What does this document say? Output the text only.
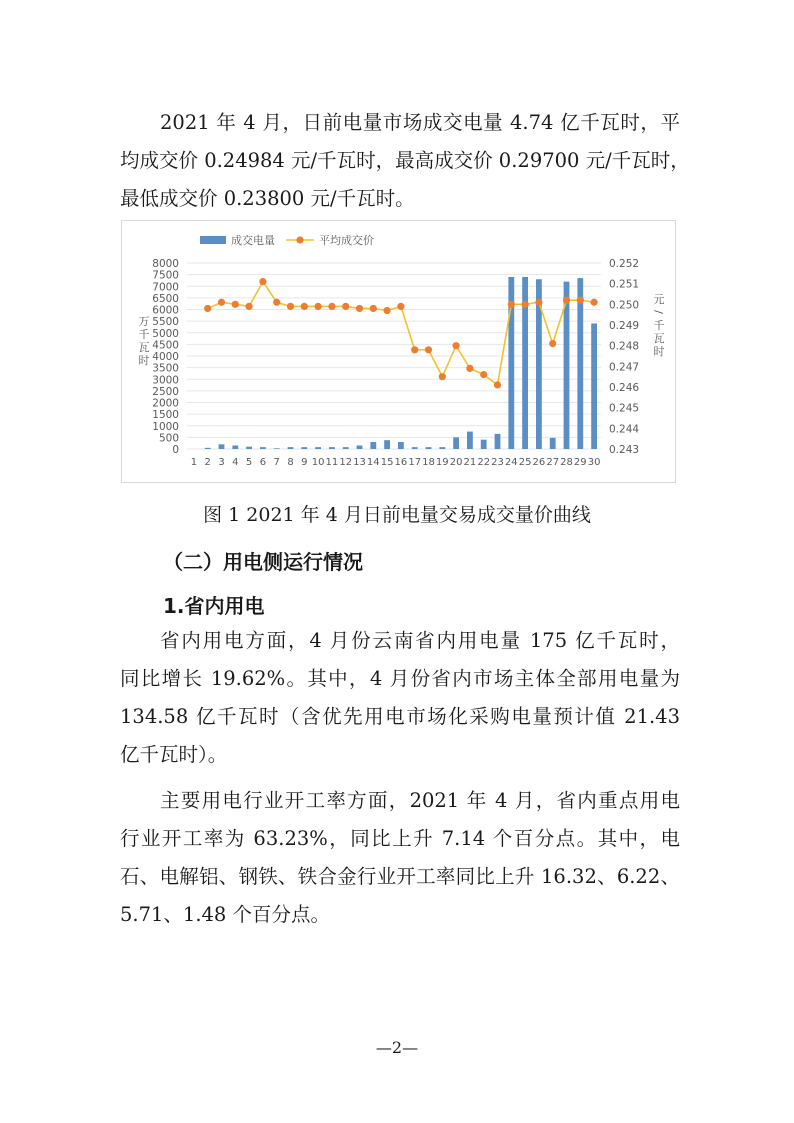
2021 年 4 月，日前电量市场成交电量 4.74 亿千瓦时，平
均成交价 0.24984 元/千瓦时，最高成交价 0.29700 元/千瓦时，
最低成交价 0.23800 元/千瓦时。
0
500
1000
1500
2000
2500
3000
3500
4000
4500
5000
5500
6000
6500
7000
7500
8000
0.243
0.244
0.245
0.246
0.247
0.248
0.249
0.250
0.251
0.252
1 2 3 4 5 6 7 8 9 10 11 12 13 14 15 16 17 18 19 20 21 22 23 24 25 26 27 28 29 30
万
千
瓦
时
元
/
千
瓦
时
成交电量	平均成交价
图 1 2021 年 4 月日前电量交易成交量价曲线
（二）用电侧运行情况
1.省内用电
省内用电方面，4 月份云南省内用电量 175 亿千瓦时，
同比增长 19.62%。其中，4 月份省内市场主体全部用电量为
134.58 亿千瓦时（含优先用电市场化采购电量预计值 21.43
亿千瓦时）。
主要用电行业开工率方面，2021 年 4 月，省内重点用电
行业开工率为 63.23%，同比上升 7.14 个百分点。其中，电
石、电解铝、钢铁、铁合金行业开工率同比上升 16.32、6.22、
5.71、1.48 个百分点。
—2—
